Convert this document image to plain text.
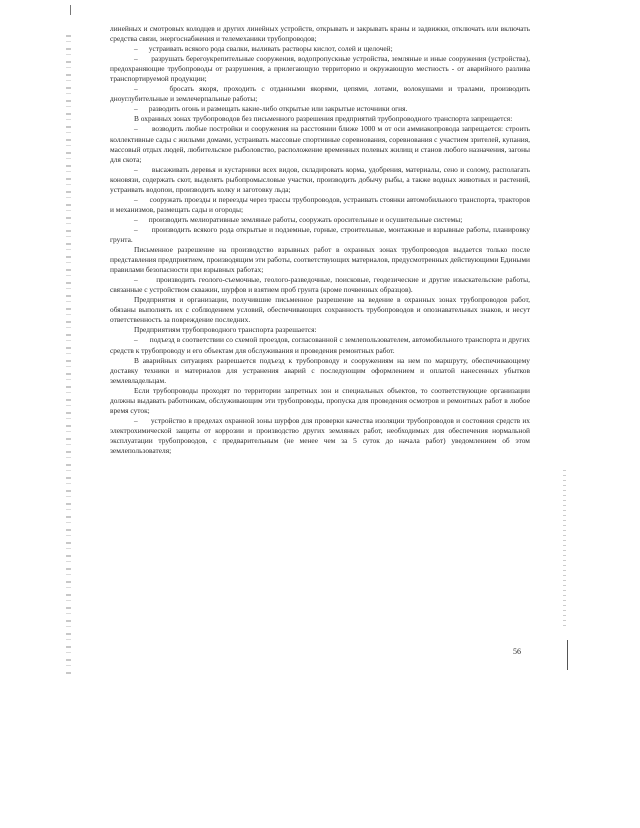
линейных и смотровых колодцев и других линейных устройств, открывать и закрывать краны и задвижки, отключать или включать средства связи, энергоснабжения и телемеханики трубопроводов;

–      устраивать всякого рода свалки, выливать растворы кислот, солей и щелочей;

–      разрушать берегоукрепительные сооружения, водопропускные устройства, земляные и иные сооружения (устройства), предохраняющие трубопроводы от разрушения, а прилегающую территорию и окружающую местность - от аварийного разлива транспортируемой продукции;

–      бросать якоря, проходить с отданными якорями, цепями, лотами, волокушами и тралами, производить дноуглубительные и землечерпальные работы;

–      разводить огонь и размещать какие-либо открытые или закрытые источники огня.

В охранных зонах трубопроводов без письменного разрешения предприятий трубопроводного транспорта запрещается:

–      возводить любые постройки и сооружения на расстоянии ближе 1000 м от оси аммиакопровода запрещается: строить коллективные сады с жилыми домами, устраивать массовые спортивные соревнования, соревнования с участием зрителей, купания, массовый отдых людей, любительское рыболовство, расположение временных полевых жилищ и станов любого назначения, загоны для скота;

–      высаживать деревья и кустарники всех видов, складировать корма, удобрения, материалы, сено и солому, располагать коновязи, содержать скот, выделять рыбопромысловые участки, производить добычу рыбы, а также водных животных и растений, устраивать водопои, производить колку и заготовку льда;

–      сооружать проезды и переезды через трассы трубопроводов, устраивать стоянки автомобильного транспорта, тракторов и механизмов, размещать сады и огороды;

–      производить мелиоративные земляные работы, сооружать оросительные и осушительные системы;

–      производить всякого рода открытые и подземные, горные, строительные, монтажные и взрывные работы, планировку грунта.

Письменное разрешение на производство взрывных работ в охранных зонах трубопроводов выдается только после представления предприятием, производящим эти работы, соответствующих материалов, предусмотренных действующими Едиными правилами безопасности при взрывных работах;

–      производить геолого-съемочные, геолого-разведочные, поисковые, геодезические и другие изыскательские работы, связанные с устройством скважин, шурфов и взятием проб грунта (кроме почвенных образцов).

Предприятия и организации, получившие письменное разрешение на ведение в охранных зонах трубопроводов работ, обязаны выполнять их с соблюдением условий, обеспечивающих сохранность трубопроводов и опознавательных знаков, и несут ответственность за повреждение последних.

Предприятиям трубопроводного транспорта разрешается:

–      подъезд в соответствии со схемой проездов, согласованной с землепользователем, автомобильного транспорта и других средств к трубопроводу и его объектам для обслуживания и проведения ремонтных работ.

В аварийных ситуациях разрешается подъезд к трубопроводу и сооружениям на нем по маршруту, обеспечивающему доставку техники и материалов для устранения аварий с последующим оформлением и оплатой нанесенных убытков землевладельцам.

Если трубопроводы проходят по территории запретных зон и специальных объектов, то соответствующие организации должны выдавать работникам, обслуживающим эти трубопроводы, пропуска для проведения осмотров и ремонтных работ в любое время суток;

–      устройство в пределах охранной зоны шурфов для проверки качества изоляции трубопроводов и состояния средств их электрохимической защиты от коррозии и производство других земляных работ, необходимых для обеспечения нормальной эксплуатации трубопроводов, с предварительным (не менее чем за 5 суток до начала работ) уведомлением об этом землепользователя;

56
